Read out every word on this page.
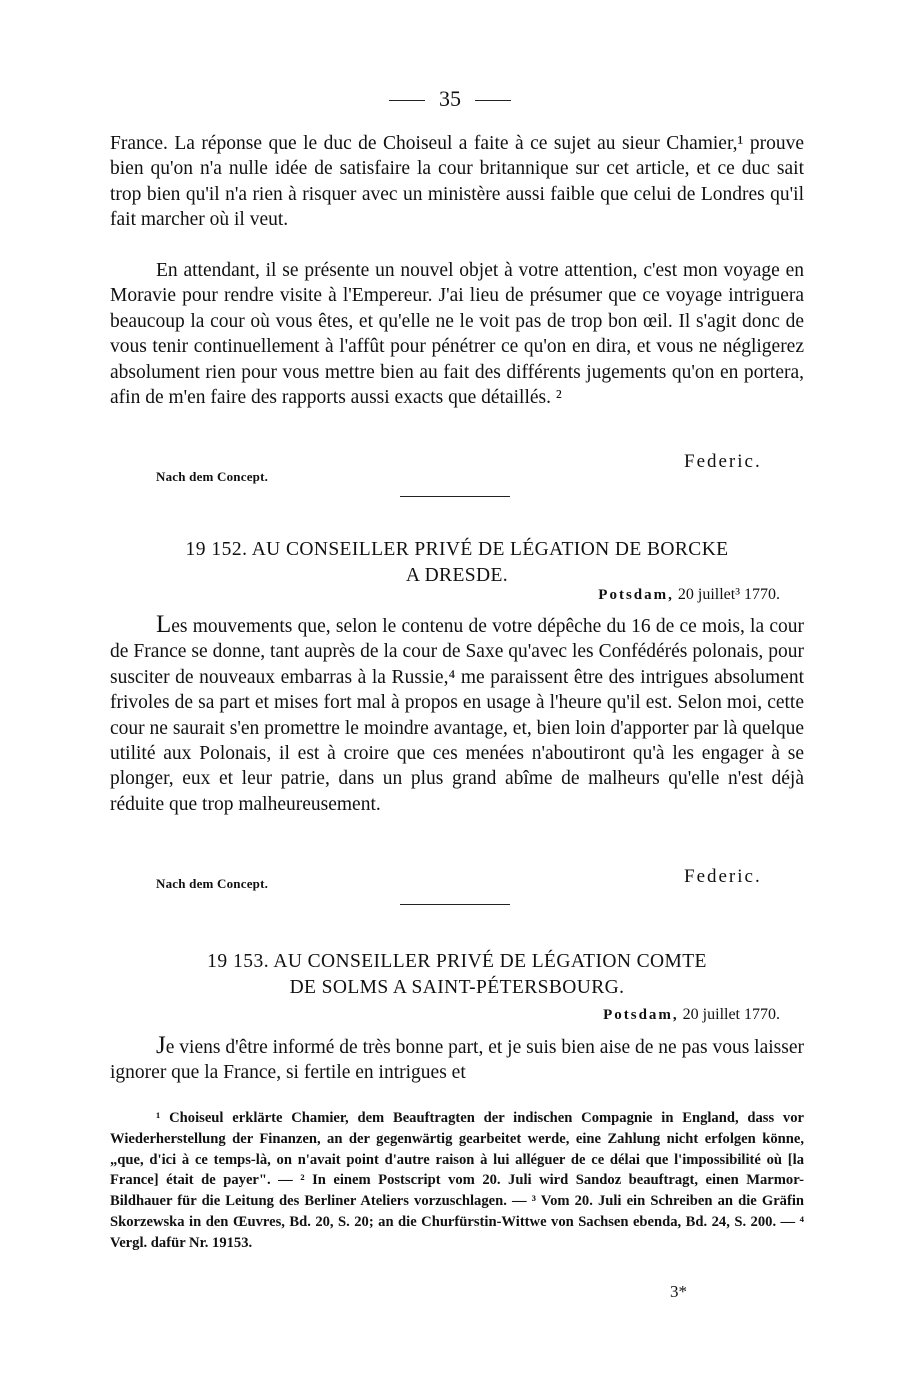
35

France. La réponse que le duc de Choiseul a faite à ce sujet au sieur Chamier,¹ prouve bien qu'on n'a nulle idée de satisfaire la cour britannique sur cet article, et ce duc sait trop bien qu'il n'a rien à risquer avec un ministère aussi faible que celui de Londres qu'il fait marcher où il veut.

En attendant, il se présente un nouvel objet à votre attention, c'est mon voyage en Moravie pour rendre visite à l'Empereur. J'ai lieu de présumer que ce voyage intriguera beaucoup la cour où vous êtes, et qu'elle ne le voit pas de trop bon œil. Il s'agit donc de vous tenir continuellement à l'affût pour pénétrer ce qu'on en dira, et vous ne négligerez absolument rien pour vous mettre bien au fait des différents jugements qu'on en portera, afin de m'en faire des rapports aussi exacts que détaillés. ²

Nach dem Concept.
Federic.
19 152. AU CONSEILLER PRIVÉ DE LÉGATION DE BORCKE
A DRESDE.
Potsdam, 20 juillet³ 1770.

Les mouvements que, selon le contenu de votre dépêche du 16 de ce mois, la cour de France se donne, tant auprès de la cour de Saxe qu'avec les Confédérés polonais, pour susciter de nouveaux embarras à la Russie,⁴ me paraissent être des intrigues absolument frivoles de sa part et mises fort mal à propos en usage à l'heure qu'il est. Selon moi, cette cour ne saurait s'en promettre le moindre avantage, et, bien loin d'apporter par là quelque utilité aux Polonais, il est à croire que ces menées n'aboutiront qu'à les engager à se plonger, eux et leur patrie, dans un plus grand abîme de malheurs qu'elle n'est déjà réduite que trop malheureusement.

Nach dem Concept.	Federic.
19 153. AU CONSEILLER PRIVÉ DE LÉGATION COMTE
DE SOLMS A SAINT-PÉTERSBOURG.
Potsdam, 20 juillet 1770.

Je viens d'être informé de très bonne part, et je suis bien aise de ne pas vous laisser ignorer que la France, si fertile en intrigues et

¹ Choiseul erklärte Chamier, dem Beauftragten der indischen Compagnie in England, dass vor Wiederherstellung der Finanzen, an der gegenwärtig gearbeitet werde, eine Zahlung nicht erfolgen könne, „que, d'ici à ce temps-là, on n'avait point d'autre raison à lui alléguer de ce délai que l'impossibilité où [la France] était de payer". — ² In einem Postscript vom 20. Juli wird Sandoz beauftragt, einen Marmor-Bildhauer für die Leitung des Berliner Ateliers vorzuschlagen. — ³ Vom 20. Juli ein Schreiben an die Gräfin Skorzewska in den Œuvres, Bd. 20, S. 20; an die Churfürstin-Wittwe von Sachsen ebenda, Bd. 24, S. 200. — ⁴ Vergl. dafür Nr. 19153.

3*
